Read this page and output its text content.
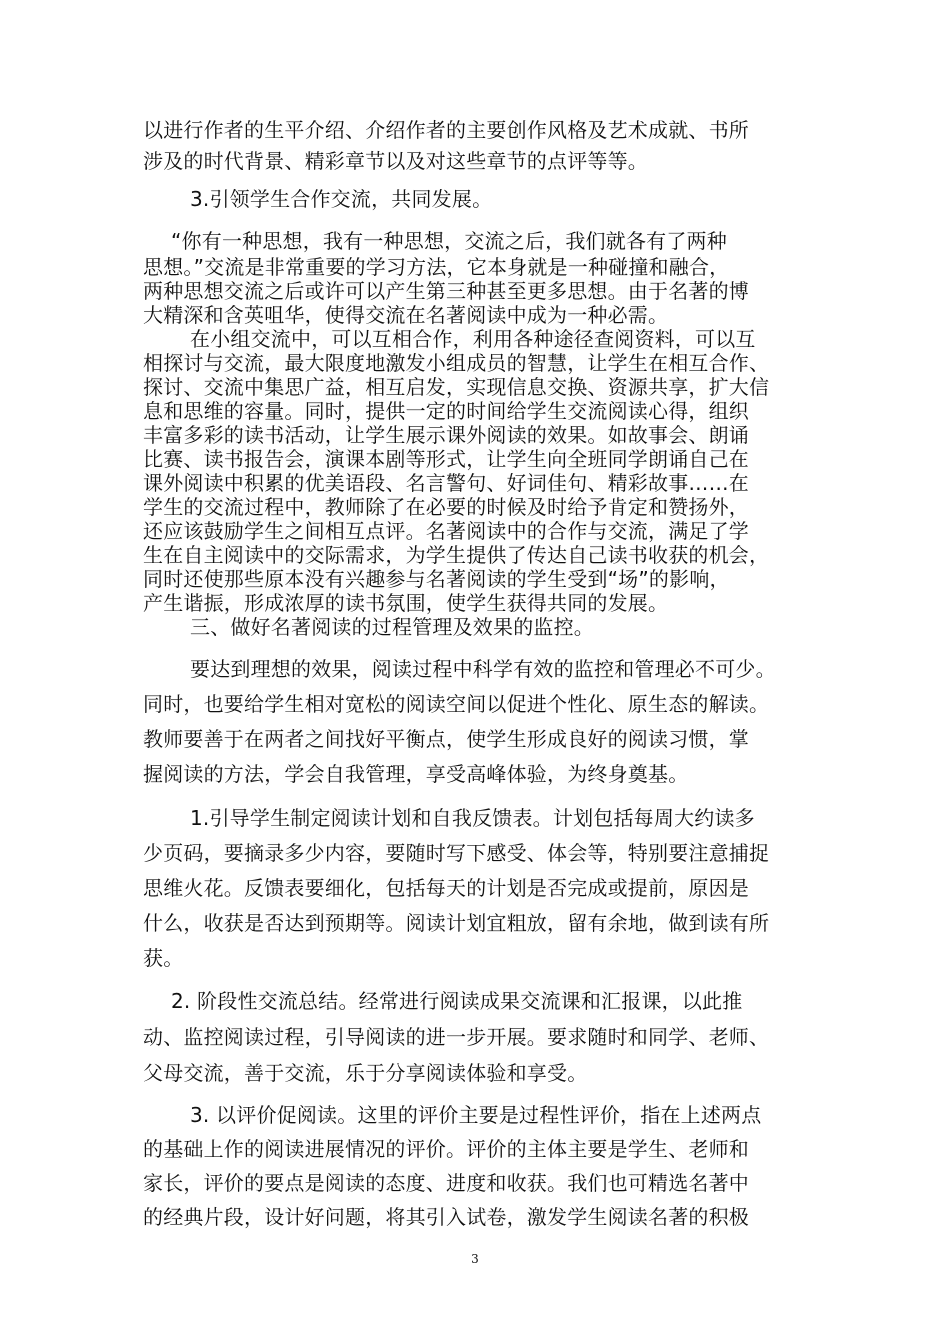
以进行作者的生平介绍、介绍作者的主要创作风格及艺术成就、书所
涉及的时代背景、精彩章节以及对这些章节的点评等等。
3.引领学生合作交流，共同发展。
“你有一种思想，我有一种思想，交流之后，我们就各有了两种
思想。”交流是非常重要的学习方法，它本身就是一种碰撞和融合，
两种思想交流之后或许可以产生第三种甚至更多思想。由于名著的博
大精深和含英咀华，使得交流在名著阅读中成为一种必需。
在小组交流中，可以互相合作，利用各种途径查阅资料，可以互
相探讨与交流，最大限度地激发小组成员的智慧，让学生在相互合作、
探讨、交流中集思广益，相互启发，实现信息交换、资源共享，扩大信
息和思维的容量。同时，提供一定的时间给学生交流阅读心得，组织
丰富多彩的读书活动，让学生展示课外阅读的效果。如故事会、朗诵
比赛、读书报告会，演课本剧等形式，让学生向全班同学朗诵自己在
课外阅读中积累的优美语段、名言警句、好词佳句、精彩故事……在
学生的交流过程中，教师除了在必要的时候及时给予肯定和赞扬外，
还应该鼓励学生之间相互点评。名著阅读中的合作与交流，满足了学
生在自主阅读中的交际需求，为学生提供了传达自己读书收获的机会，
同时还使那些原本没有兴趣参与名著阅读的学生受到“场”的影响，
产生谐振，形成浓厚的读书氛围，使学生获得共同的发展。
三、做好名著阅读的过程管理及效果的监控。
要达到理想的效果，阅读过程中科学有效的监控和管理必不可少。
同时，也要给学生相对宽松的阅读空间以促进个性化、原生态的解读。
教师要善于在两者之间找好平衡点，使学生形成良好的阅读习惯，掌
握阅读的方法，学会自我管理，享受高峰体验，为终身奠基。
1.引导学生制定阅读计划和自我反馈表。计划包括每周大约读多
少页码，要摘录多少内容，要随时写下感受、体会等，特别要注意捕捉
思维火花。反馈表要细化，包括每天的计划是否完成或提前，原因是
什么，收获是否达到预期等。阅读计划宜粗放，留有余地，做到读有所
获。
2. 阶段性交流总结。经常进行阅读成果交流课和汇报课，以此推
动、监控阅读过程，引导阅读的进一步开展。要求随时和同学、老师、
父母交流，善于交流，乐于分享阅读体验和享受。
3. 以评价促阅读。这里的评价主要是过程性评价，指在上述两点
的基础上作的阅读进展情况的评价。评价的主体主要是学生、老师和
家长，评价的要点是阅读的态度、进度和收获。我们也可精选名著中
的经典片段，设计好问题，将其引入试卷，激发学生阅读名著的积极
3
